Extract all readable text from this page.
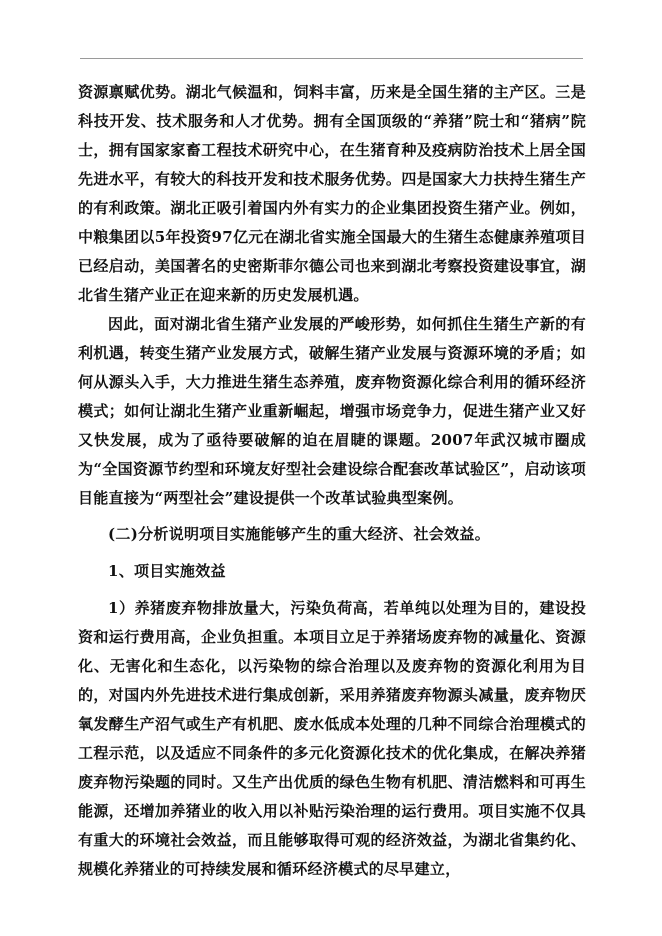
资源禀赋优势。湖北气候温和，饲料丰富，历来是全国生猪的主产区。三是科技开发、技术服务和人才优势。拥有全国顶级的“养猪”院士和“猪病”院士，拥有国家家畜工程技术研究中心，在生猪育种及疫病防治技术上居全国先进水平，有较大的科技开发和技术服务优势。四是国家大力扶持生猪生产的有利政策。湖北正吸引着国内外有实力的企业集团投资生猪产业。例如，中粮集团以5年投资97亿元在湖北省实施全国最大的生猪生态健康养殖项目已经启动，美国著名的史密斯菲尔德公司也来到湖北考察投资建设事宜，湖北省生猪产业正在迎来新的历史发展机遇。

因此，面对湖北省生猪产业发展的严峻形势，如何抓住生猪生产新的有利机遇，转变生猪产业发展方式，破解生猪产业发展与资源环境的矛盾；如何从源头入手，大力推进生猪生态养殖，废弃物资源化综合利用的循环经济模式；如何让湖北生猪产业重新崛起，增强市场竞争力，促进生猪产业又好又快发展，成为了亟待要破解的迫在眉睫的课题。2007年武汉城市圈成为“全国资源节约型和环境友好型社会建设综合配套改革试验区”，启动该项目能直接为“两型社会”建设提供一个改革试验典型案例。

(二)分析说明项目实施能够产生的重大经济、社会效益。

1、项目实施效益

1）养猪废弃物排放量大，污染负荷高，若单纯以处理为目的，建设投资和运行费用高，企业负担重。本项目立足于养猪场废弃物的减量化、资源化、无害化和生态化，以污染物的综合治理以及废弃物的资源化利用为目的，对国内外先进技术进行集成创新，采用养猪废弃物源头减量，废弃物厌氧发酵生产沼气或生产有机肥、废水低成本处理的几种不同综合治理模式的工程示范，以及适应不同条件的多元化资源化技术的优化集成，在解决养猪废弃物污染题的同时。又生产出优质的绿色生物有机肥、清洁燃料和可再生能源，还增加养猪业的收入用以补贴污染治理的运行费用。项目实施不仅具有重大的环境社会效益，而且能够取得可观的经济效益，为湖北省集约化、规模化养猪业的可持续发展和循环经济模式的尽早建立，
